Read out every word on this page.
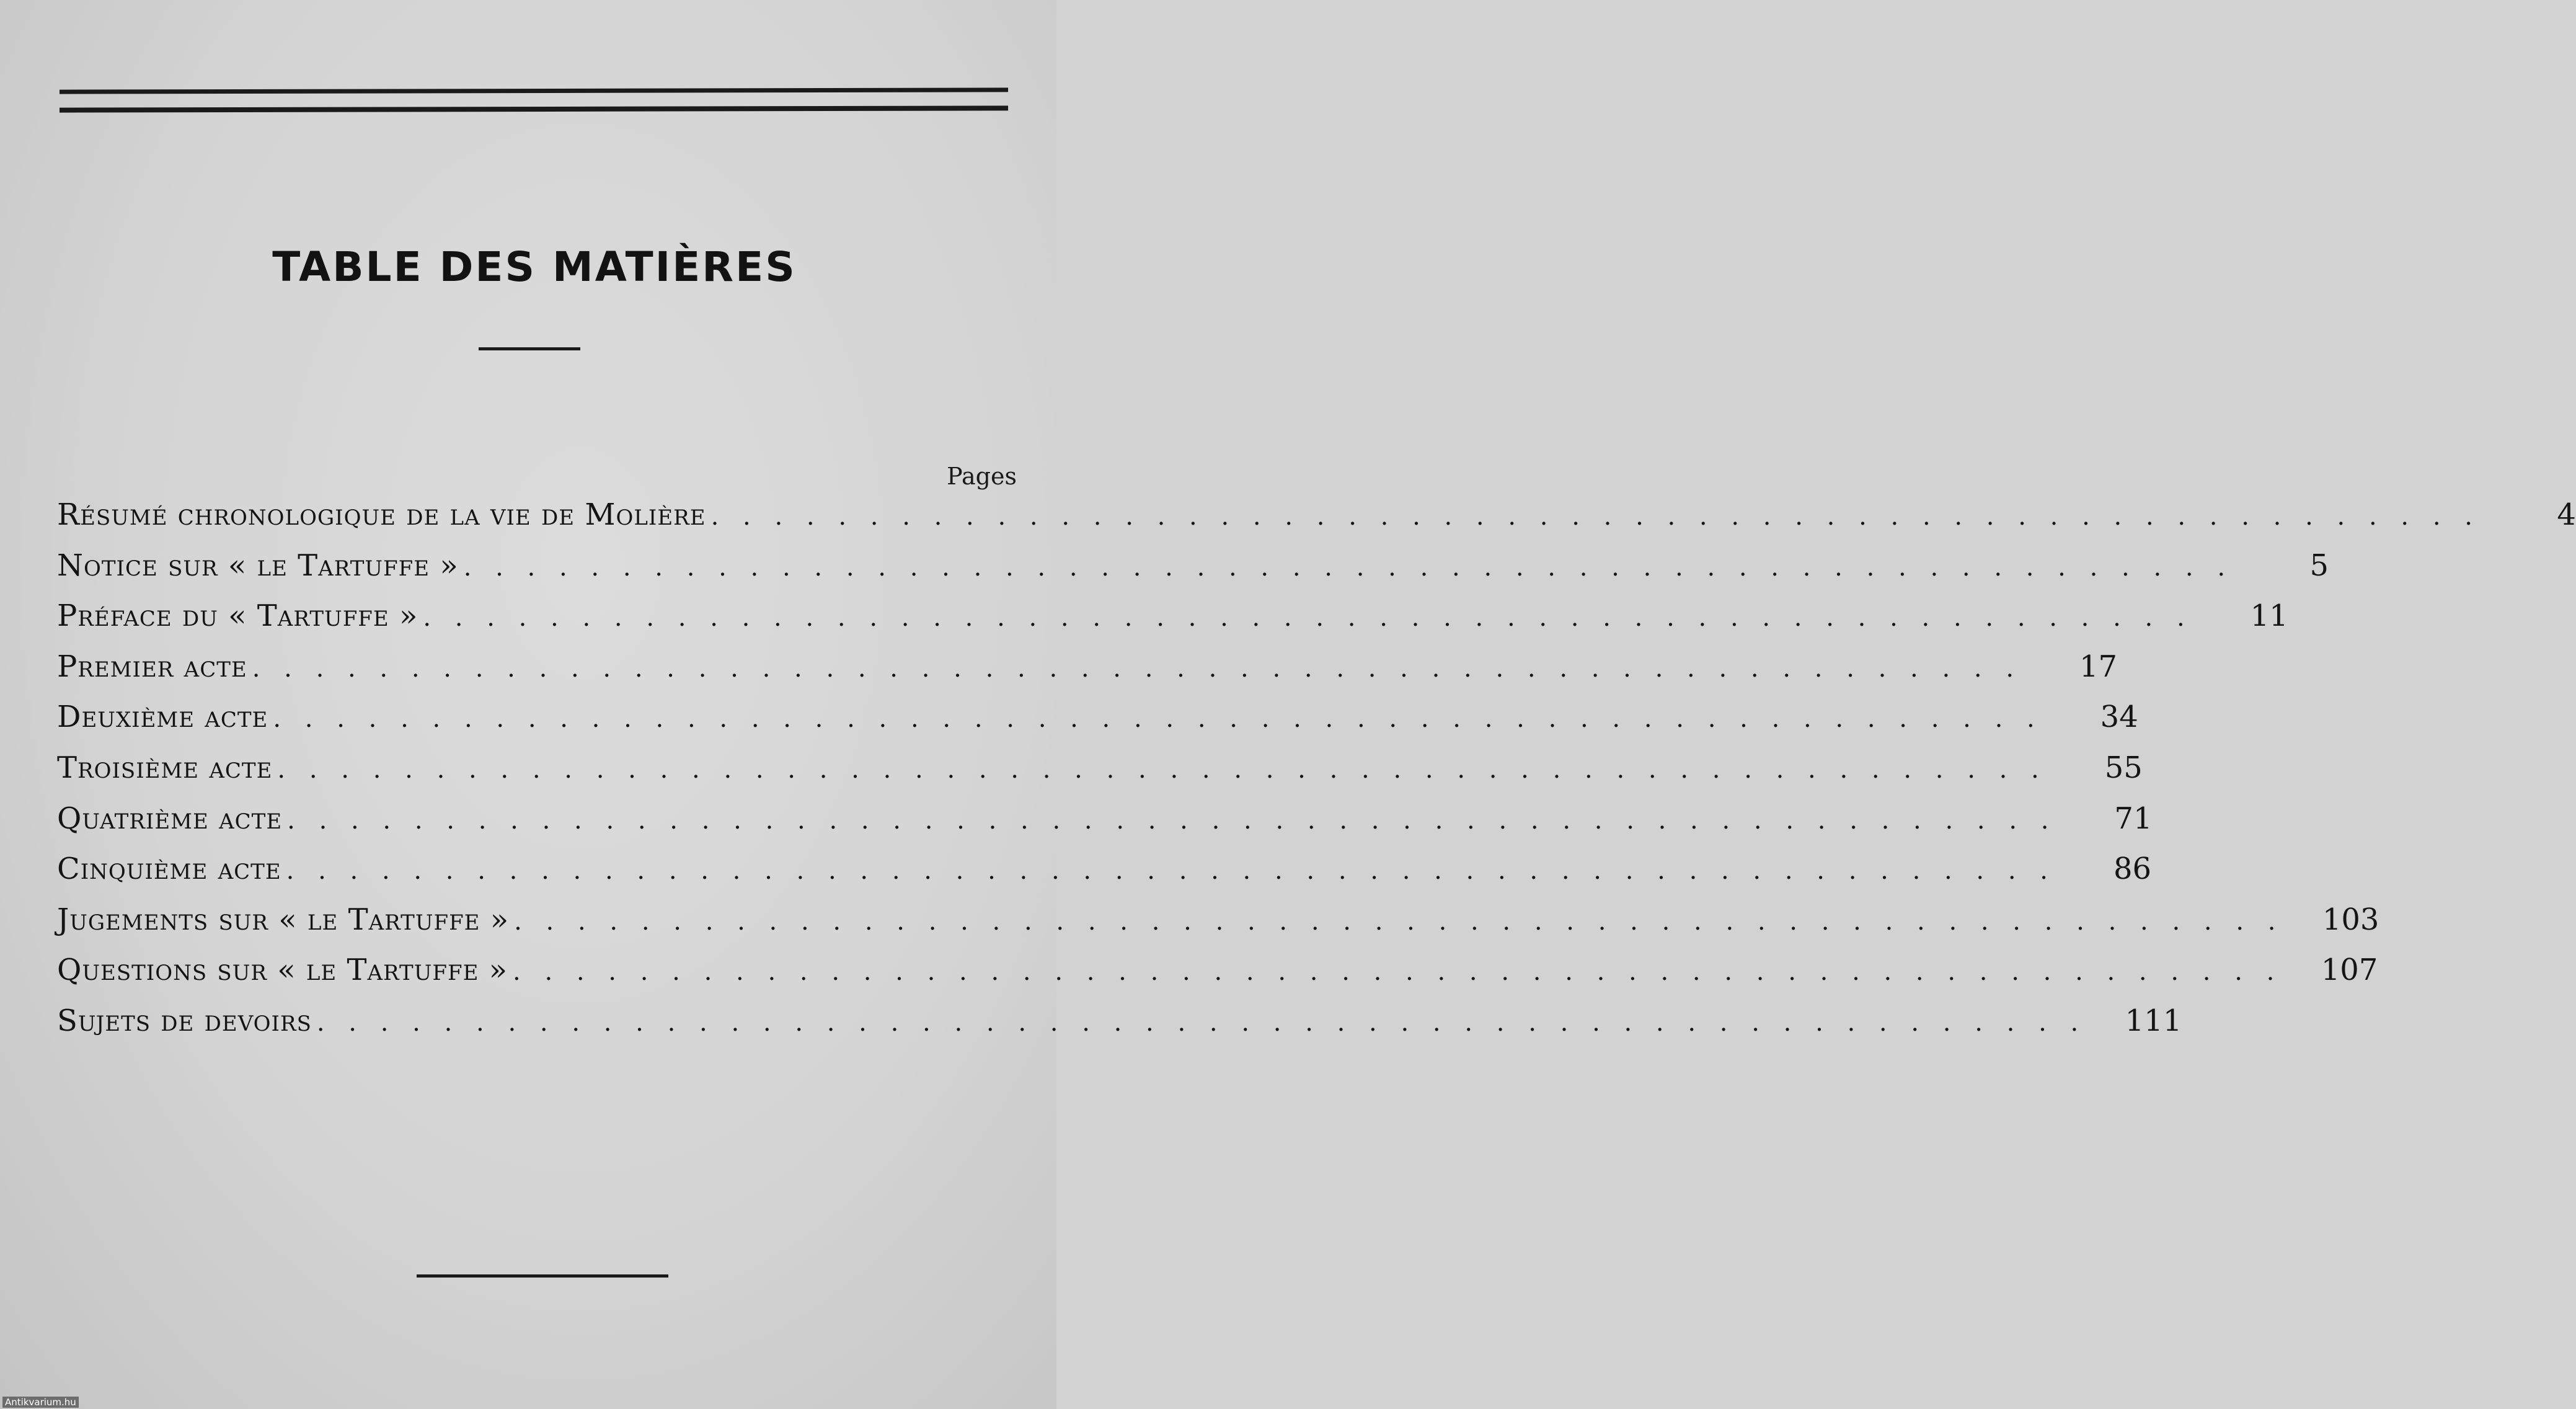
TABLE DES MATIÈRES
Pages
Résumé chronologique de la vie de Molière . . . . . . . . . . . . . . . . . . . . . . . . . . . . . . . . . . . . . . . . . . . . . . . . . . . . . . . .	4
Notice sur « le Tartuffe » . . . . . . . . . . . . . . . . . . . . . . . . . . . . . . . . . . . . . . . . . . . . . . . . . . . . . . . .	5
Préface du « Tartuffe » . . . . . . . . . . . . . . . . . . . . . . . . . . . . . . . . . . . . . . . . . . . . . . . . . . . . . . . .	11
Premier acte . . . . . . . . . . . . . . . . . . . . . . . . . . . . . . . . . . . . . . . . . . . . . . . . . . . . . . . .	17
Deuxième acte . . . . . . . . . . . . . . . . . . . . . . . . . . . . . . . . . . . . . . . . . . . . . . . . . . . . . . . .	34
Troisième acte . . . . . . . . . . . . . . . . . . . . . . . . . . . . . . . . . . . . . . . . . . . . . . . . . . . . . . . .	55
Quatrième acte . . . . . . . . . . . . . . . . . . . . . . . . . . . . . . . . . . . . . . . . . . . . . . . . . . . . . . . .	71
Cinquième acte . . . . . . . . . . . . . . . . . . . . . . . . . . . . . . . . . . . . . . . . . . . . . . . . . . . . . . . .	86
Jugements sur « le Tartuffe » . . . . . . . . . . . . . . . . . . . . . . . . . . . . . . . . . . . . . . . . . . . . . . . . . . . . . . . .	103
Questions sur « le Tartuffe » . . . . . . . . . . . . . . . . . . . . . . . . . . . . . . . . . . . . . . . . . . . . . . . . . . . . . . . .	107
Sujets de devoirs . . . . . . . . . . . . . . . . . . . . . . . . . . . . . . . . . . . . . . . . . . . . . . . . . . . . . . . .	111
Antikvarium.hu
